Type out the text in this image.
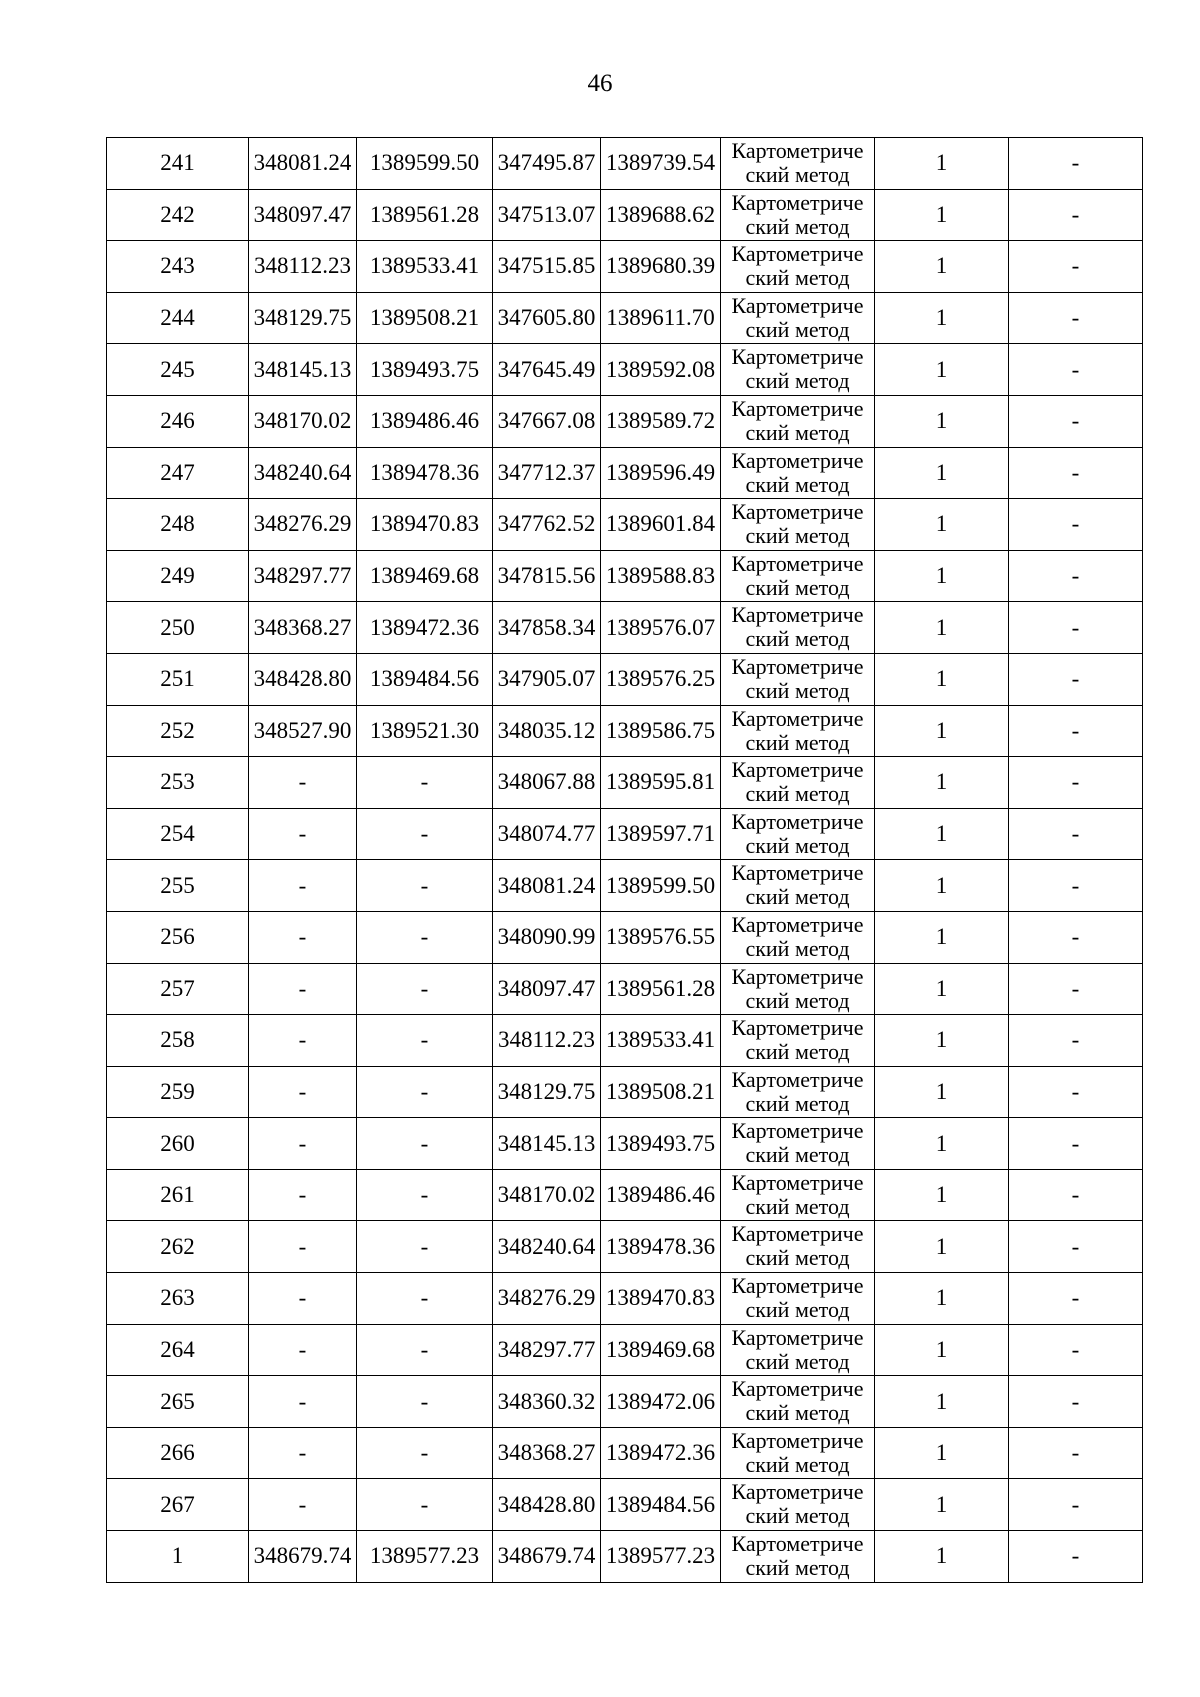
46
241	348081.24	1389599.50	347495.87	1389739.54	Картометриче
ский метод	1	-
242	348097.47	1389561.28	347513.07	1389688.62	Картометриче
ский метод	1	-
243	348112.23	1389533.41	347515.85	1389680.39	Картометриче
ский метод	1	-
244	348129.75	1389508.21	347605.80	1389611.70	Картометриче
ский метод	1	-
245	348145.13	1389493.75	347645.49	1389592.08	Картометриче
ский метод	1	-
246	348170.02	1389486.46	347667.08	1389589.72	Картометриче
ский метод	1	-
247	348240.64	1389478.36	347712.37	1389596.49	Картометриче
ский метод	1	-
248	348276.29	1389470.83	347762.52	1389601.84	Картометриче
ский метод	1	-
249	348297.77	1389469.68	347815.56	1389588.83	Картометриче
ский метод	1	-
250	348368.27	1389472.36	347858.34	1389576.07	Картометриче
ский метод	1	-
251	348428.80	1389484.56	347905.07	1389576.25	Картометриче
ский метод	1	-
252	348527.90	1389521.30	348035.12	1389586.75	Картометриче
ский метод	1	-
253	-	-	348067.88	1389595.81	Картометриче
ский метод	1	-
254	-	-	348074.77	1389597.71	Картометриче
ский метод	1	-
255	-	-	348081.24	1389599.50	Картометриче
ский метод	1	-
256	-	-	348090.99	1389576.55	Картометриче
ский метод	1	-
257	-	-	348097.47	1389561.28	Картометриче
ский метод	1	-
258	-	-	348112.23	1389533.41	Картометриче
ский метод	1	-
259	-	-	348129.75	1389508.21	Картометриче
ский метод	1	-
260	-	-	348145.13	1389493.75	Картометриче
ский метод	1	-
261	-	-	348170.02	1389486.46	Картометриче
ский метод	1	-
262	-	-	348240.64	1389478.36	Картометриче
ский метод	1	-
263	-	-	348276.29	1389470.83	Картометриче
ский метод	1	-
264	-	-	348297.77	1389469.68	Картометриче
ский метод	1	-
265	-	-	348360.32	1389472.06	Картометриче
ский метод	1	-
266	-	-	348368.27	1389472.36	Картометриче
ский метод	1	-
267	-	-	348428.80	1389484.56	Картометриче
ский метод	1	-
1	348679.74	1389577.23	348679.74	1389577.23	Картометриче
ский метод	1	-
